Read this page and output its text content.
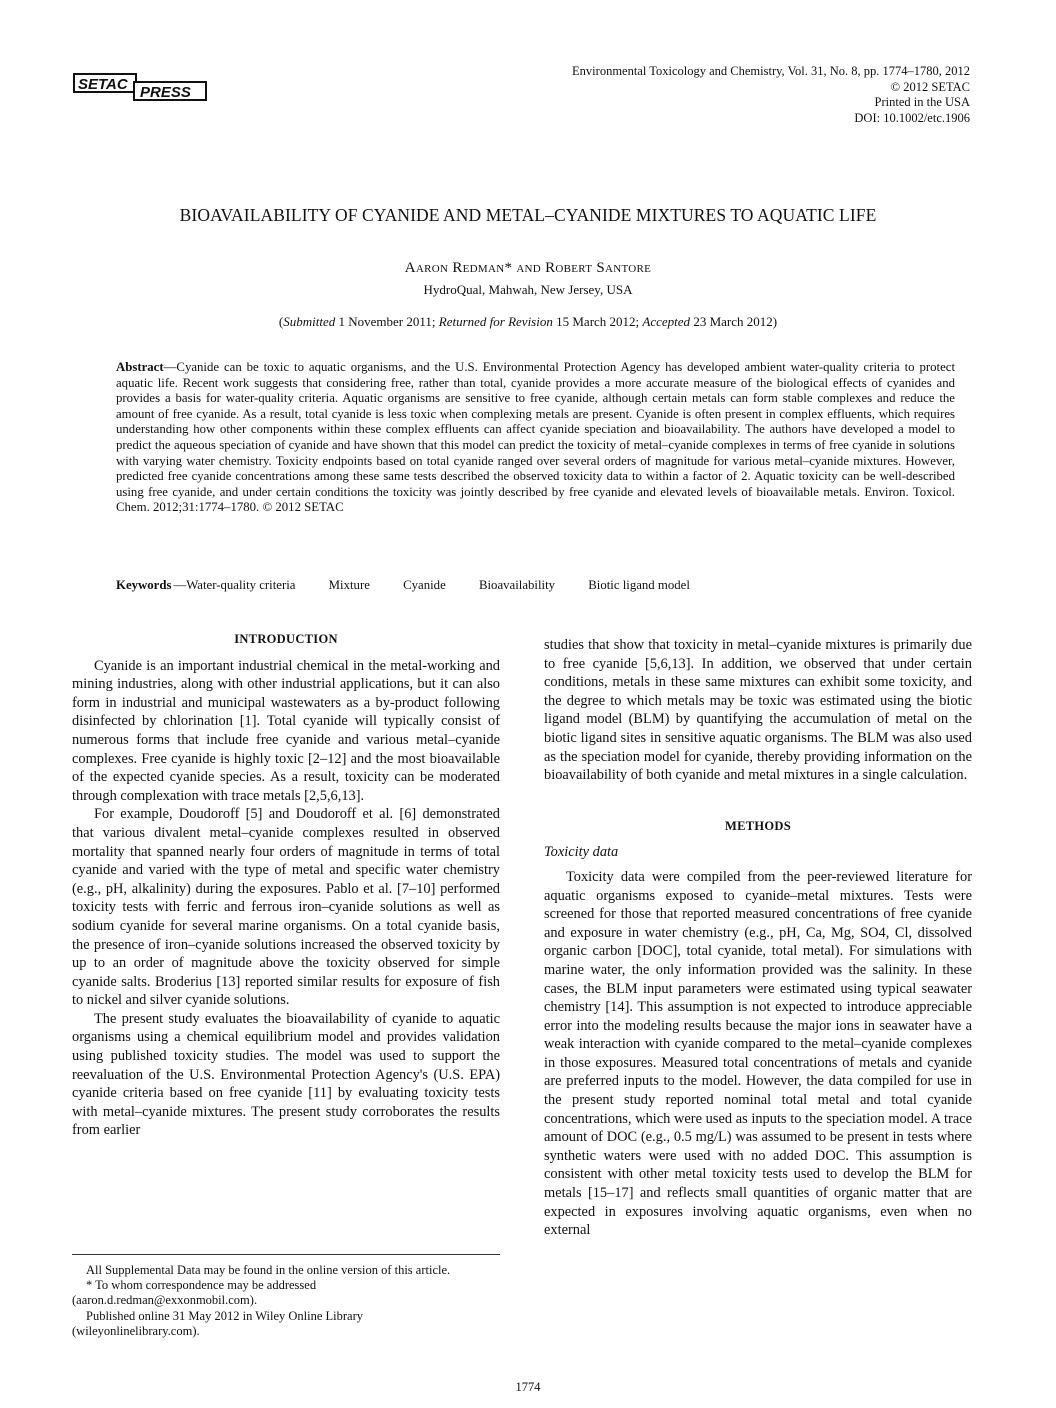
SETAC PRESS
Environmental Toxicology and Chemistry, Vol. 31, No. 8, pp. 1774–1780, 2012
© 2012 SETAC
Printed in the USA
DOI: 10.1002/etc.1906
BIOAVAILABILITY OF CYANIDE AND METAL–CYANIDE MIXTURES TO AQUATIC LIFE
Aaron Redman* and Robert Santore
HydroQual, Mahwah, New Jersey, USA
(Submitted 1 November 2011; Returned for Revision 15 March 2012; Accepted 23 March 2012)
Abstract—Cyanide can be toxic to aquatic organisms, and the U.S. Environmental Protection Agency has developed ambient water-quality criteria to protect aquatic life. Recent work suggests that considering free, rather than total, cyanide provides a more accurate measure of the biological effects of cyanides and provides a basis for water-quality criteria. Aquatic organisms are sensitive to free cyanide, although certain metals can form stable complexes and reduce the amount of free cyanide. As a result, total cyanide is less toxic when complexing metals are present. Cyanide is often present in complex effluents, which requires understanding how other components within these complex effluents can affect cyanide speciation and bioavailability. The authors have developed a model to predict the aqueous speciation of cyanide and have shown that this model can predict the toxicity of metal–cyanide complexes in terms of free cyanide in solutions with varying water chemistry. Toxicity endpoints based on total cyanide ranged over several orders of magnitude for various metal–cyanide mixtures. However, predicted free cyanide concentrations among these same tests described the observed toxicity data to within a factor of 2. Aquatic toxicity can be well-described using free cyanide, and under certain conditions the toxicity was jointly described by free cyanide and elevated levels of bioavailable metals. Environ. Toxicol. Chem. 2012;31:1774–1780. © 2012 SETAC
Keywords —Water-quality criteria	Mixture	Cyanide	Bioavailability	Biotic ligand model
INTRODUCTION

Cyanide is an important industrial chemical in the metal-working and mining industries, along with other industrial applications, but it can also form in industrial and municipal wastewaters as a by-product following disinfected by chlorination [1]. Total cyanide will typically consist of numerous forms that include free cyanide and various metal–cyanide complexes. Free cyanide is highly toxic [2–12] and the most bioavailable of the expected cyanide species. As a result, toxicity can be moderated through complexation with trace metals [2,5,6,13].

For example, Doudoroff [5] and Doudoroff et al. [6] demonstrated that various divalent metal–cyanide complexes resulted in observed mortality that spanned nearly four orders of magnitude in terms of total cyanide and varied with the type of metal and specific water chemistry (e.g., pH, alkalinity) during the exposures. Pablo et al. [7–10] performed toxicity tests with ferric and ferrous iron–cyanide solutions as well as sodium cyanide for several marine organisms. On a total cyanide basis, the presence of iron–cyanide solutions increased the observed toxicity by up to an order of magnitude above the toxicity observed for simple cyanide salts. Broderius [13] reported similar results for exposure of fish to nickel and silver cyanide solutions.

The present study evaluates the bioavailability of cyanide to aquatic organisms using a chemical equilibrium model and provides validation using published toxicity studies. The model was used to support the reevaluation of the U.S. Environmental Protection Agency's (U.S. EPA) cyanide criteria based on free cyanide [11] by evaluating toxicity tests with metal–cyanide mixtures. The present study corroborates the results from earlier

studies that show that toxicity in metal–cyanide mixtures is primarily due to free cyanide [5,6,13]. In addition, we observed that under certain conditions, metals in these same mixtures can exhibit some toxicity, and the degree to which metals may be toxic was estimated using the biotic ligand model (BLM) by quantifying the accumulation of metal on the biotic ligand sites in sensitive aquatic organisms. The BLM was also used as the speciation model for cyanide, thereby providing information on the bioavailability of both cyanide and metal mixtures in a single calculation.

METHODS
Toxicity data

Toxicity data were compiled from the peer-reviewed literature for aquatic organisms exposed to cyanide–metal mixtures. Tests were screened for those that reported measured concentrations of free cyanide and exposure in water chemistry (e.g., pH, Ca, Mg, SO4, Cl, dissolved organic carbon [DOC], total cyanide, total metal). For simulations with marine water, the only information provided was the salinity. In these cases, the BLM input parameters were estimated using typical seawater chemistry [14]. This assumption is not expected to introduce appreciable error into the modeling results because the major ions in seawater have a weak interaction with cyanide compared to the metal–cyanide complexes in those exposures. Measured total concentrations of metals and cyanide are preferred inputs to the model. However, the data compiled for use in the present study reported nominal total metal and total cyanide concentrations, which were used as inputs to the speciation model. A trace amount of DOC (e.g., 0.5 mg/L) was assumed to be present in tests where synthetic waters were used with no added DOC. This assumption is consistent with other metal toxicity tests used to develop the BLM for metals [15–17] and reflects small quantities of organic matter that are expected in exposures involving aquatic organisms, even when no external

All Supplemental Data may be found in the online version of this article.
* To whom correspondence may be addressed
(aaron.d.redman@exxonmobil.com).
Published online 31 May 2012 in Wiley Online Library
(wileyonlinelibrary.com).
1774
